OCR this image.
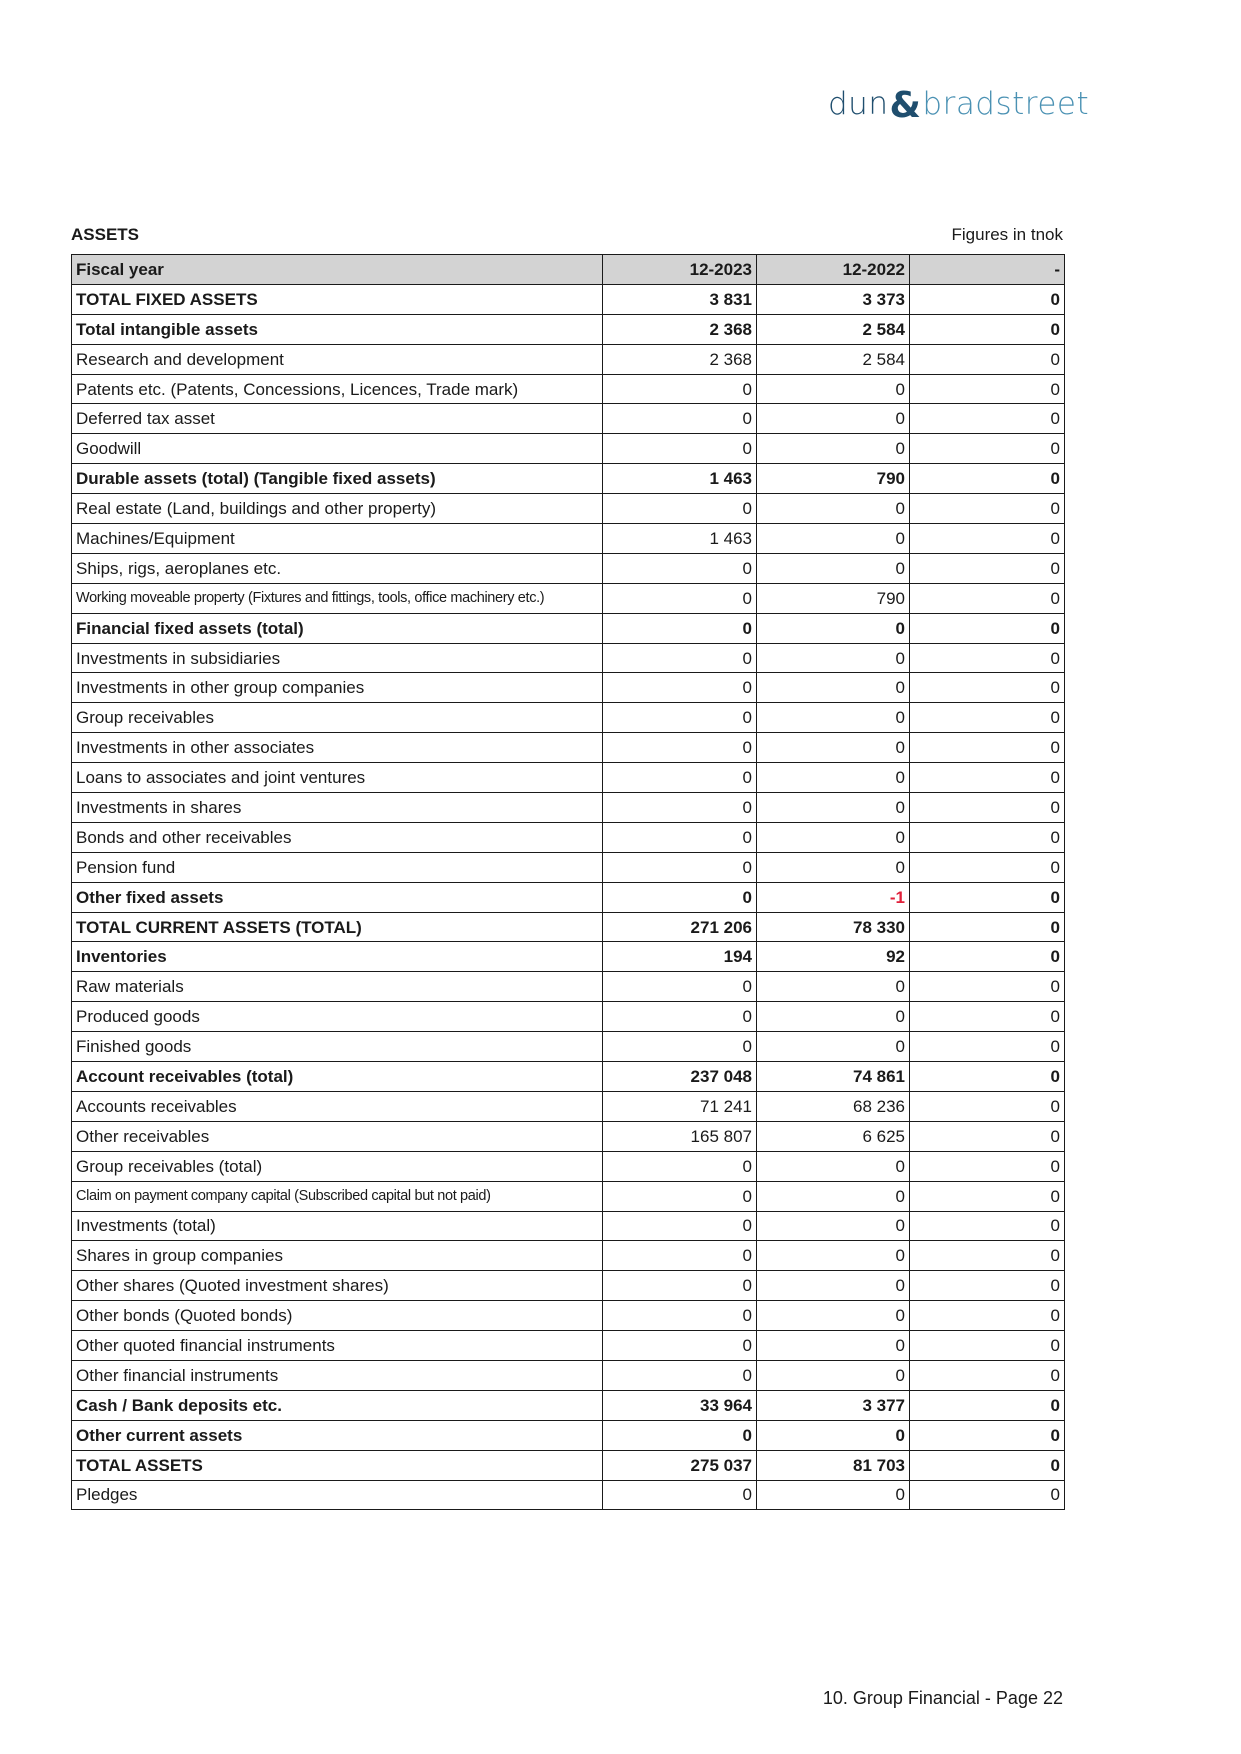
dun & bradstreet
ASSETS	Figures in tnok
Fiscal year	12-2023	12-2022	-
TOTAL FIXED ASSETS	3 831	3 373	0
Total intangible assets	2 368	2 584	0
Research and development	2 368	2 584	0
Patents etc. (Patents, Concessions, Licences, Trade mark)	0	0	0
Deferred tax asset	0	0	0
Goodwill	0	0	0
Durable assets (total) (Tangible fixed assets)	1 463	790	0
Real estate (Land, buildings and other property)	0	0	0
Machines/Equipment	1 463	0	0
Ships, rigs, aeroplanes etc.	0	0	0
Working moveable property (Fixtures and fittings, tools, office machinery etc.)	0	790	0
Financial fixed assets (total)	0	0	0
Investments in subsidiaries	0	0	0
Investments in other group companies	0	0	0
Group receivables	0	0	0
Investments in other associates	0	0	0
Loans to associates and joint ventures	0	0	0
Investments in shares	0	0	0
Bonds and other receivables	0	0	0
Pension fund	0	0	0
Other fixed assets	0	-1	0
TOTAL CURRENT ASSETS (TOTAL)	271 206	78 330	0
Inventories	194	92	0
Raw materials	0	0	0
Produced goods	0	0	0
Finished goods	0	0	0
Account receivables (total)	237 048	74 861	0
Accounts receivables	71 241	68 236	0
Other receivables	165 807	6 625	0
Group receivables (total)	0	0	0
Claim on payment company capital (Subscribed capital but not paid)	0	0	0
Investments (total)	0	0	0
Shares in group companies	0	0	0
Other shares (Quoted investment shares)	0	0	0
Other bonds (Quoted bonds)	0	0	0
Other quoted financial instruments	0	0	0
Other financial instruments	0	0	0
Cash / Bank deposits etc.	33 964	3 377	0
Other current assets	0	0	0
TOTAL ASSETS	275 037	81 703	0
Pledges	0	0	0
10. Group Financial - Page 22
